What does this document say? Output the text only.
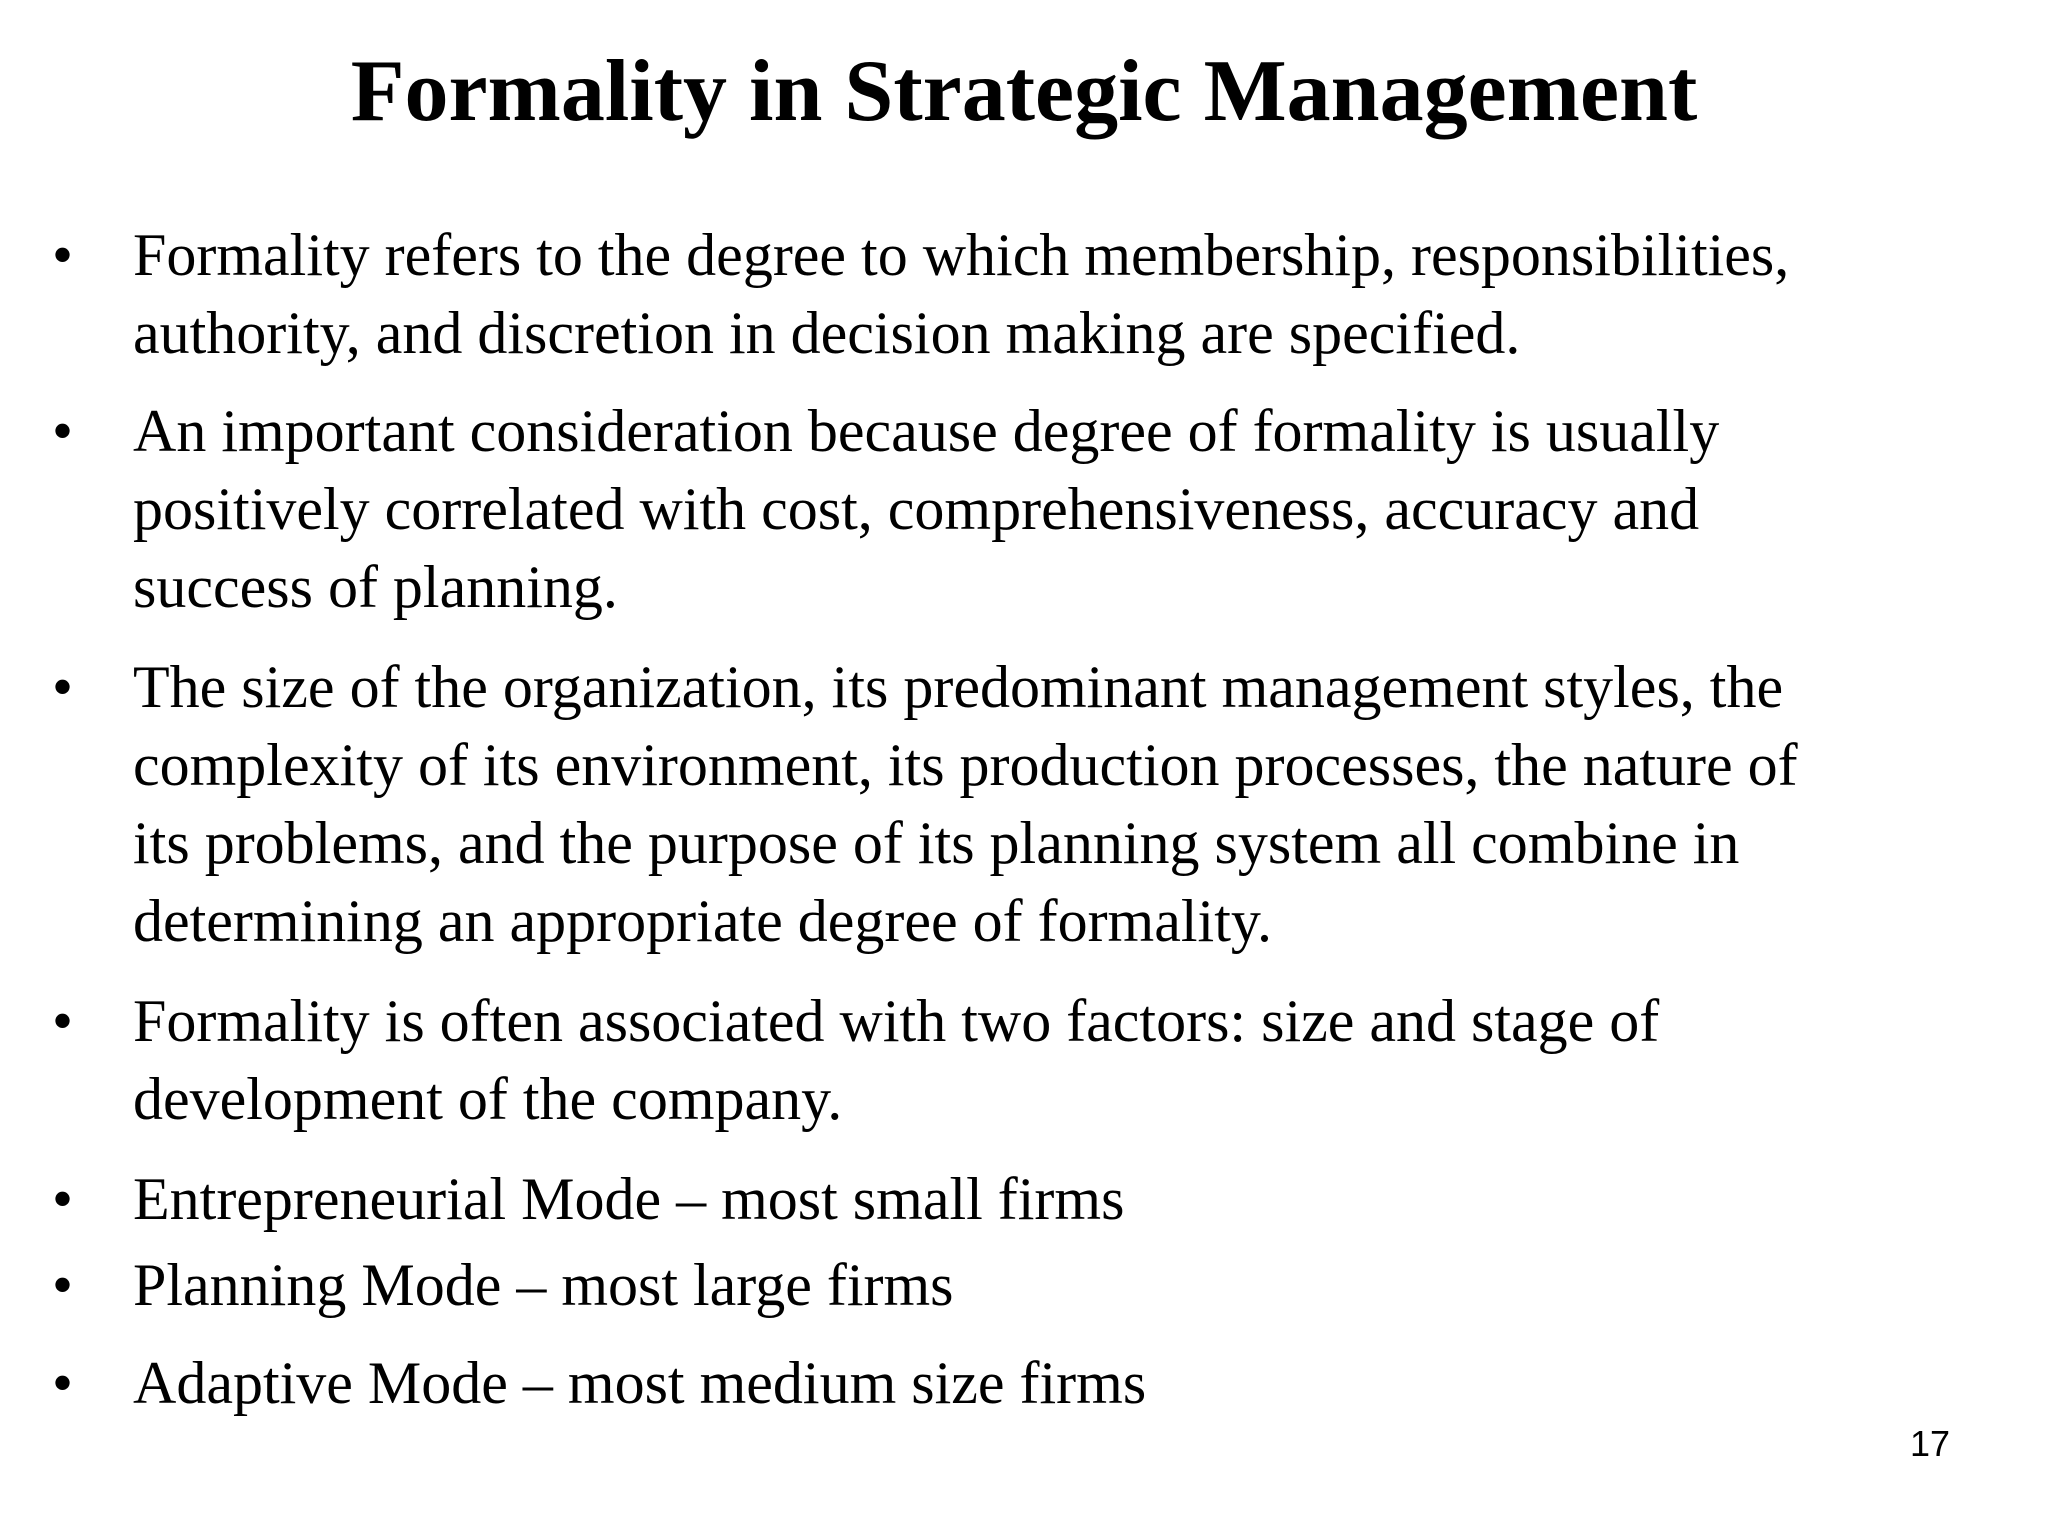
Formality in Strategic Management
• Formality refers to the degree to which membership, responsibilities,
authority, and discretion in decision making are specified.
• An important consideration because degree of formality is usually
positively correlated with cost, comprehensiveness, accuracy and
success of planning.
• The size of the organization, its predominant management styles, the
complexity of its environment, its production processes, the nature of
its problems, and the purpose of its planning system all combine in
determining an appropriate degree of formality.
• Formality is often associated with two factors: size and stage of
development of the company.
• Entrepreneurial Mode – most small firms
• Planning Mode – most large firms
• Adaptive Mode – most medium size firms
17
